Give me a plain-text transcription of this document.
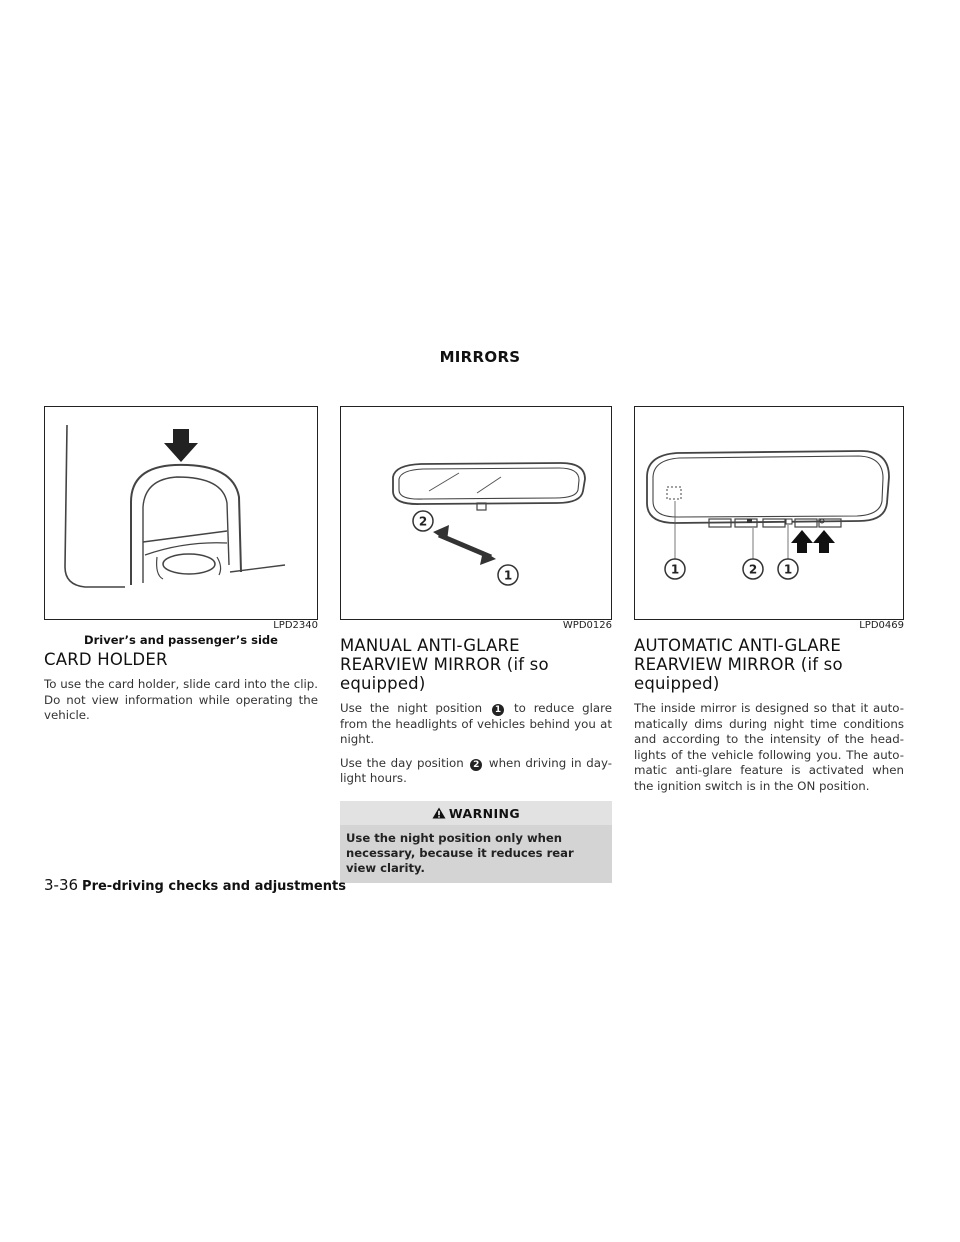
MIRRORS
LPD2340
Driver’s and passenger’s side
2
1
WPD0126
1	2 1
LPD0469
CARD HOLDER

To use the card holder, slide card into the clip. Do not view information while operating the vehicle.

MANUAL ANTI-GLARE REARVIEW MIRROR (if so equipped)

Use the night position 1 to reduce glare from the headlights of vehicles behind you at night.

Use the day position 2 when driving in day-light hours.

WARNING
Use the night position only when necessary, because it reduces rear view clarity.
AUTOMATIC ANTI-GLARE REARVIEW MIRROR (if so equipped)

The inside mirror is designed so that it auto-matically dims during night time conditions and according to the intensity of the head-lights of the vehicle following you. The auto-matic anti-glare feature is activated when the ignition switch is in the ON position.

3-36 Pre-driving checks and adjustments
